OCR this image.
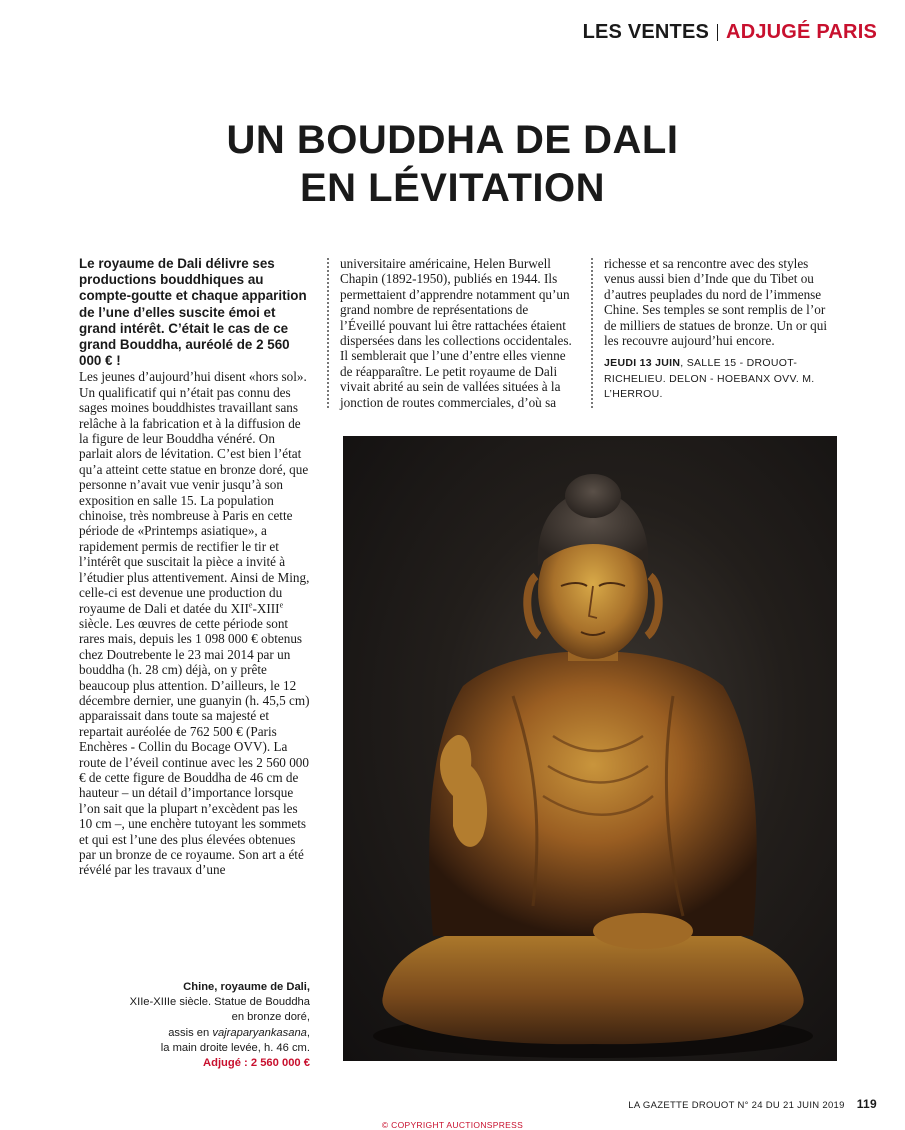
LES VENTES ADJUGÉ PARIS
UN BOUDDHA DE DALI
EN LÉVITATION

Le royaume de Dali délivre ses productions bouddhiques au compte-goutte et chaque apparition de l’une d’elles suscite émoi et grand intérêt. C’était le cas de ce grand Bouddha, auréolé de 2 560 000 € !

Les jeunes d’aujourd’hui disent «hors sol». Un qualificatif qui n’était pas connu des sages moines bouddhistes travaillant sans relâche à la fabrication et à la diffusion de la figure de leur Bouddha vénéré. On parlait alors de lévitation. C’est bien l’état qu’a atteint cette statue en bronze doré, que personne n’avait vue venir jusqu’à son exposition en salle 15. La population chinoise, très nombreuse à Paris en cette période de «Printemps asiatique», a rapidement permis de rectifier le tir et l’intérêt que suscitait la pièce a invité à l’étudier plus attentivement. Ainsi de Ming, celle-ci est devenue une production du royaume de Dali et datée du XIIe-XIIIe siècle. Les œuvres de cette période sont rares mais, depuis les 1 098 000 € obtenus chez Doutrebente le 23 mai 2014 par un bouddha (h. 28 cm) déjà, on y prête beaucoup plus attention. D’ailleurs, le 12 décembre dernier, une guanyin (h. 45,5 cm) apparaissait dans toute sa majesté et repartait auréolée de 762 500 € (Paris Enchères - Collin du Bocage OVV). La route de l’éveil continue avec les 2 560 000 € de cette figure de Bouddha de 46 cm de hauteur – un détail d’importance lorsque l’on sait que la plupart n’excèdent pas les 10 cm –, une enchère tutoyant les sommets et qui est l’une des plus élevées obtenues par un bronze de ce royaume. Son art a été révélé par les travaux d’une

universitaire américaine, Helen Burwell Chapin (1892-1950), publiés en 1944. Ils permettaient d’apprendre notamment qu’un grand nombre de représentations de l’Éveillé pouvant lui être rattachées étaient dispersées dans les collections occidentales. Il semblerait que l’une d’entre elles vienne de réapparaître. Le petit royaume de Dali vivait abrité au sein de vallées situées à la jonction de routes commerciales, d’où sa

richesse et sa rencontre avec des styles venus aussi bien d’Inde que du Tibet ou d’autres peuplades du nord de l’immense Chine. Ses temples se sont remplis de l’or de milliers de statues de bronze. Un or qui les recouvre aujourd’hui encore.

JEUDI 13 JUIN, SALLE 15 - DROUOT-RICHELIEU. DELON - HOEBANX OVV. M. L’HERROU.
Chine, royaume de Dali,
XIIe-XIIIe siècle. Statue de Bouddha
en bronze doré,
assis en vajraparyankasana,
la main droite levée, h. 46 cm.
Adjugé : 2 560 000 €
LA GAZETTE DROUOT N° 24 DU 21 JUIN 2019 119
© COPYRIGHT AUCTIONSPRESS
